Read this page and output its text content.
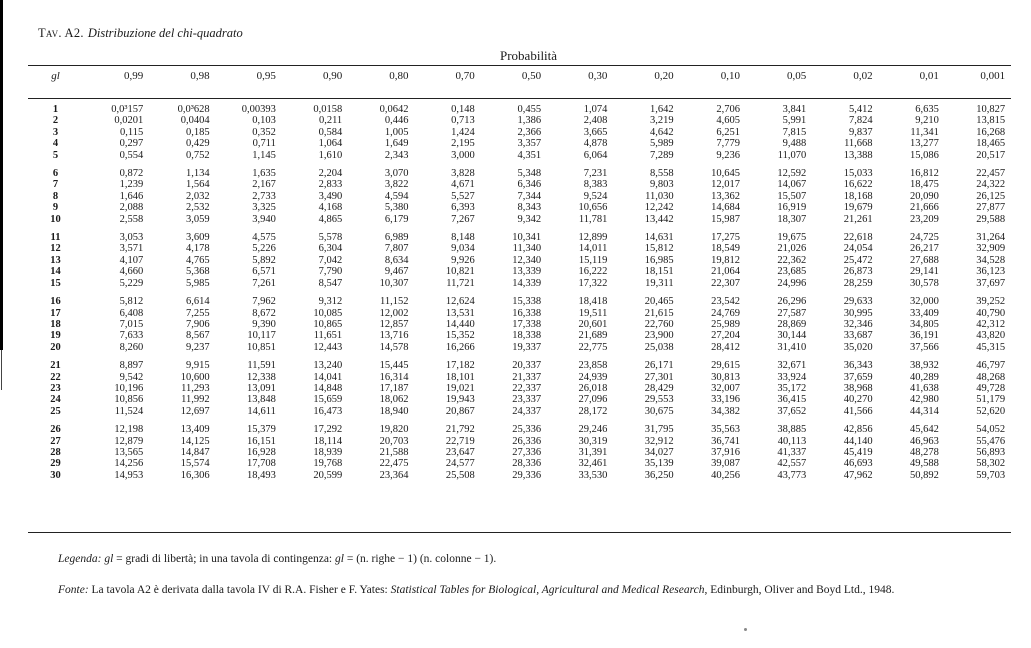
Tav. A2. Distribuzione del chi-quadrato
Probabilità
gl	0,99	0,98	0,95	0,90	0,80	0,70	0,50	0,30	0,20	0,10	0,05	0,02	0,01	0,001
1	0,0³157	0,0³628	0,00393	0,0158	0,0642	0,148	0,455	1,074	1,642	2,706	3,841	5,412	6,635	10,827
2	0,0201	0,0404	0,103	0,211	0,446	0,713	1,386	2,408	3,219	4,605	5,991	7,824	9,210	13,815
3	0,115	0,185	0,352	0,584	1,005	1,424	2,366	3,665	4,642	6,251	7,815	9,837	11,341	16,268
4	0,297	0,429	0,711	1,064	1,649	2,195	3,357	4,878	5,989	7,779	9,488	11,668	13,277	18,465
5	0,554	0,752	1,145	1,610	2,343	3,000	4,351	6,064	7,289	9,236	11,070	13,388	15,086	20,517
6	0,872	1,134	1,635	2,204	3,070	3,828	5,348	7,231	8,558	10,645	12,592	15,033	16,812	22,457
7	1,239	1,564	2,167	2,833	3,822	4,671	6,346	8,383	9,803	12,017	14,067	16,622	18,475	24,322
8	1,646	2,032	2,733	3,490	4,594	5,527	7,344	9,524	11,030	13,362	15,507	18,168	20,090	26,125
9	2,088	2,532	3,325	4,168	5,380	6,393	8,343	10,656	12,242	14,684	16,919	19,679	21,666	27,877
10	2,558	3,059	3,940	4,865	6,179	7,267	9,342	11,781	13,442	15,987	18,307	21,261	23,209	29,588
11	3,053	3,609	4,575	5,578	6,989	8,148	10,341	12,899	14,631	17,275	19,675	22,618	24,725	31,264
12	3,571	4,178	5,226	6,304	7,807	9,034	11,340	14,011	15,812	18,549	21,026	24,054	26,217	32,909
13	4,107	4,765	5,892	7,042	8,634	9,926	12,340	15,119	16,985	19,812	22,362	25,472	27,688	34,528
14	4,660	5,368	6,571	7,790	9,467	10,821	13,339	16,222	18,151	21,064	23,685	26,873	29,141	36,123
15	5,229	5,985	7,261	8,547	10,307	11,721	14,339	17,322	19,311	22,307	24,996	28,259	30,578	37,697
16	5,812	6,614	7,962	9,312	11,152	12,624	15,338	18,418	20,465	23,542	26,296	29,633	32,000	39,252
17	6,408	7,255	8,672	10,085	12,002	13,531	16,338	19,511	21,615	24,769	27,587	30,995	33,409	40,790
18	7,015	7,906	9,390	10,865	12,857	14,440	17,338	20,601	22,760	25,989	28,869	32,346	34,805	42,312
19	7,633	8,567	10,117	11,651	13,716	15,352	18,338	21,689	23,900	27,204	30,144	33,687	36,191	43,820
20	8,260	9,237	10,851	12,443	14,578	16,266	19,337	22,775	25,038	28,412	31,410	35,020	37,566	45,315
21	8,897	9,915	11,591	13,240	15,445	17,182	20,337	23,858	26,171	29,615	32,671	36,343	38,932	46,797
22	9,542	10,600	12,338	14,041	16,314	18,101	21,337	24,939	27,301	30,813	33,924	37,659	40,289	48,268
23	10,196	11,293	13,091	14,848	17,187	19,021	22,337	26,018	28,429	32,007	35,172	38,968	41,638	49,728
24	10,856	11,992	13,848	15,659	18,062	19,943	23,337	27,096	29,553	33,196	36,415	40,270	42,980	51,179
25	11,524	12,697	14,611	16,473	18,940	20,867	24,337	28,172	30,675	34,382	37,652	41,566	44,314	52,620
26	12,198	13,409	15,379	17,292	19,820	21,792	25,336	29,246	31,795	35,563	38,885	42,856	45,642	54,052
27	12,879	14,125	16,151	18,114	20,703	22,719	26,336	30,319	32,912	36,741	40,113	44,140	46,963	55,476
28	13,565	14,847	16,928	18,939	21,588	23,647	27,336	31,391	34,027	37,916	41,337	45,419	48,278	56,893
29	14,256	15,574	17,708	19,768	22,475	24,577	28,336	32,461	35,139	39,087	42,557	46,693	49,588	58,302
30	14,953	16,306	18,493	20,599	23,364	25,508	29,336	33,530	36,250	40,256	43,773	47,962	50,892	59,703
Legenda: gl = gradi di libertà; in una tavola di contingenza: gl = (n. righe − 1) (n. colonne − 1).
Fonte: La tavola A2 è derivata dalla tavola IV di R.A. Fisher e F. Yates: Statistical Tables for Biological, Agricultural and Medical Research, Edinburgh, Oliver and Boyd Ltd., 1948.
